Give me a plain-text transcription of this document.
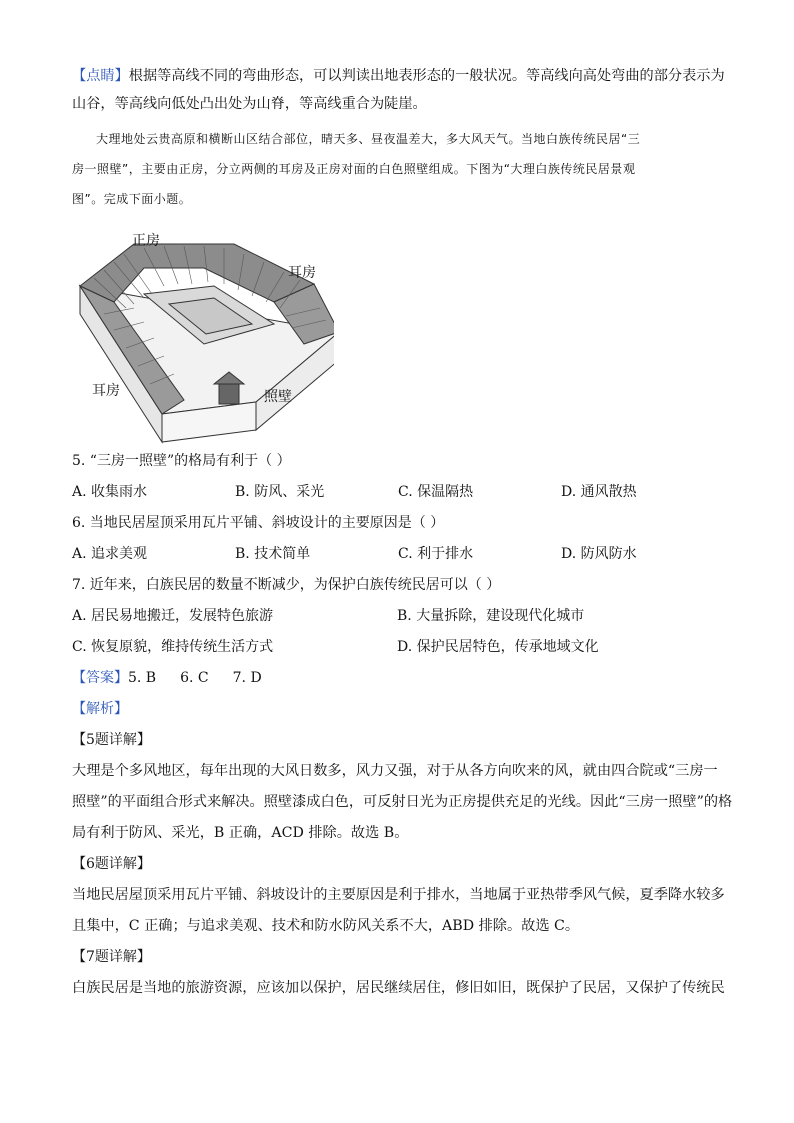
【点睛】根据等高线不同的弯曲形态，可以判读出地表形态的一般状况。等高线向高处弯曲的部分表示为
山谷，等高线向低处凸出处为山脊，等高线重合为陡崖。
大理地处云贵高原和横断山区结合部位，晴天多、昼夜温差大，多大风天气。当地白族传统民居“三
房一照壁”，主要由正房，分立两侧的耳房及正房对面的白色照壁组成。下图为“大理白族传统民居景观
图”。完成下面小题。
正房
耳房
耳房	照壁
5. “三房一照壁”的格局有利于（ ）
A. 收集雨水	B. 防风、采光	C. 保温隔热	D. 通风散热
6. 当地民居屋顶采用瓦片平铺、斜坡设计的主要原因是（ ）
A. 追求美观	B. 技术简单	C. 利于排水	D. 防风防水
7. 近年来，白族民居的数量不断减少，为保护白族传统民居可以（ ）
A. 居民易地搬迁，发展特色旅游	B. 大量拆除，建设现代化城市
C. 恢复原貌，维持传统生活方式	D. 保护民居特色，传承地域文化
【答案】5. B 6. C 7. D
【解析】
【5题详解】
大理是个多风地区，每年出现的大风日数多，风力又强，对于从各方向吹来的风，就由四合院或“三房一
照壁”的平面组合形式来解决。照壁漆成白色，可反射日光为正房提供充足的光线。因此“三房一照壁”的格
局有利于防风、采光，B 正确，ACD 排除。故选 B。
【6题详解】
当地民居屋顶采用瓦片平铺、斜坡设计的主要原因是利于排水，当地属于亚热带季风气候，夏季降水较多
且集中，C 正确；与追求美观、技术和防水防风关系不大，ABD 排除。故选 C。
【7题详解】
白族民居是当地的旅游资源，应该加以保护，居民继续居住，修旧如旧，既保护了民居，又保护了传统民
